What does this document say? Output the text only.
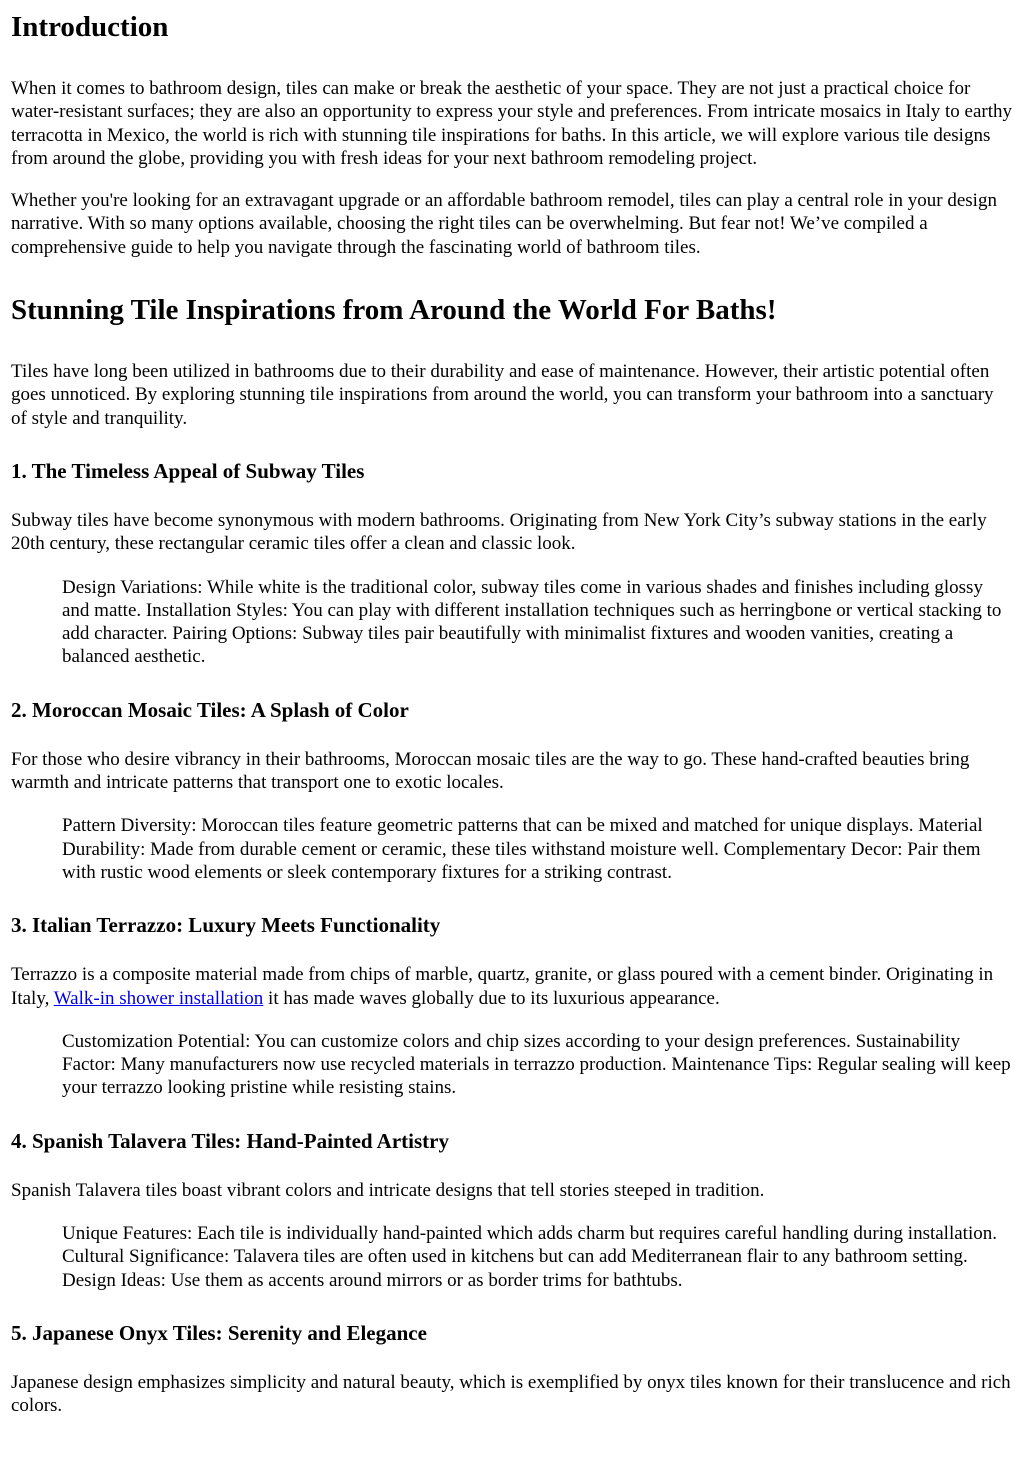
Introduction

When it comes to bathroom design, tiles can make or break the aesthetic of your space. They are not just a practical choice for water-resistant surfaces; they are also an opportunity to express your style and preferences. From intricate mosaics in Italy to earthy terracotta in Mexico, the world is rich with stunning tile inspirations for baths. In this article, we will explore various tile designs from around the globe, providing you with fresh ideas for your next bathroom remodeling project.

Whether you're looking for an extravagant upgrade or an affordable bathroom remodel, tiles can play a central role in your design narrative. With so many options available, choosing the right tiles can be overwhelming. But fear not! We’ve compiled a comprehensive guide to help you navigate through the fascinating world of bathroom tiles.

Stunning Tile Inspirations from Around the World For Baths!

Tiles have long been utilized in bathrooms due to their durability and ease of maintenance. However, their artistic potential often goes unnoticed. By exploring stunning tile inspirations from around the world, you can transform your bathroom into a sanctuary of style and tranquility.

1. The Timeless Appeal of Subway Tiles

Subway tiles have become synonymous with modern bathrooms. Originating from New York City’s subway stations in the early 20th century, these rectangular ceramic tiles offer a clean and classic look.

Design Variations: While white is the traditional color, subway tiles come in various shades and finishes including glossy and matte. Installation Styles: You can play with different installation techniques such as herringbone or vertical stacking to add character. Pairing Options: Subway tiles pair beautifully with minimalist fixtures and wooden vanities, creating a balanced aesthetic.
2. Moroccan Mosaic Tiles: A Splash of Color

For those who desire vibrancy in their bathrooms, Moroccan mosaic tiles are the way to go. These hand-crafted beauties bring warmth and intricate patterns that transport one to exotic locales.

Pattern Diversity: Moroccan tiles feature geometric patterns that can be mixed and matched for unique displays. Material Durability: Made from durable cement or ceramic, these tiles withstand moisture well. Complementary Decor: Pair them with rustic wood elements or sleek contemporary fixtures for a striking contrast.
3. Italian Terrazzo: Luxury Meets Functionality

Terrazzo is a composite material made from chips of marble, quartz, granite, or glass poured with a cement binder. Originating in Italy, Walk-in shower installation it has made waves globally due to its luxurious appearance.

Customization Potential: You can customize colors and chip sizes according to your design preferences. Sustainability Factor: Many manufacturers now use recycled materials in terrazzo production. Maintenance Tips: Regular sealing will keep your terrazzo looking pristine while resisting stains.
4. Spanish Talavera Tiles: Hand-Painted Artistry

Spanish Talavera tiles boast vibrant colors and intricate designs that tell stories steeped in tradition.

Unique Features: Each tile is individually hand-painted which adds charm but requires careful handling during installation. Cultural Significance: Talavera tiles are often used in kitchens but can add Mediterranean flair to any bathroom setting. Design Ideas: Use them as accents around mirrors or as border trims for bathtubs.
5. Japanese Onyx Tiles: Serenity and Elegance

Japanese design emphasizes simplicity and natural beauty, which is exemplified by onyx tiles known for their translucence and rich colors.
